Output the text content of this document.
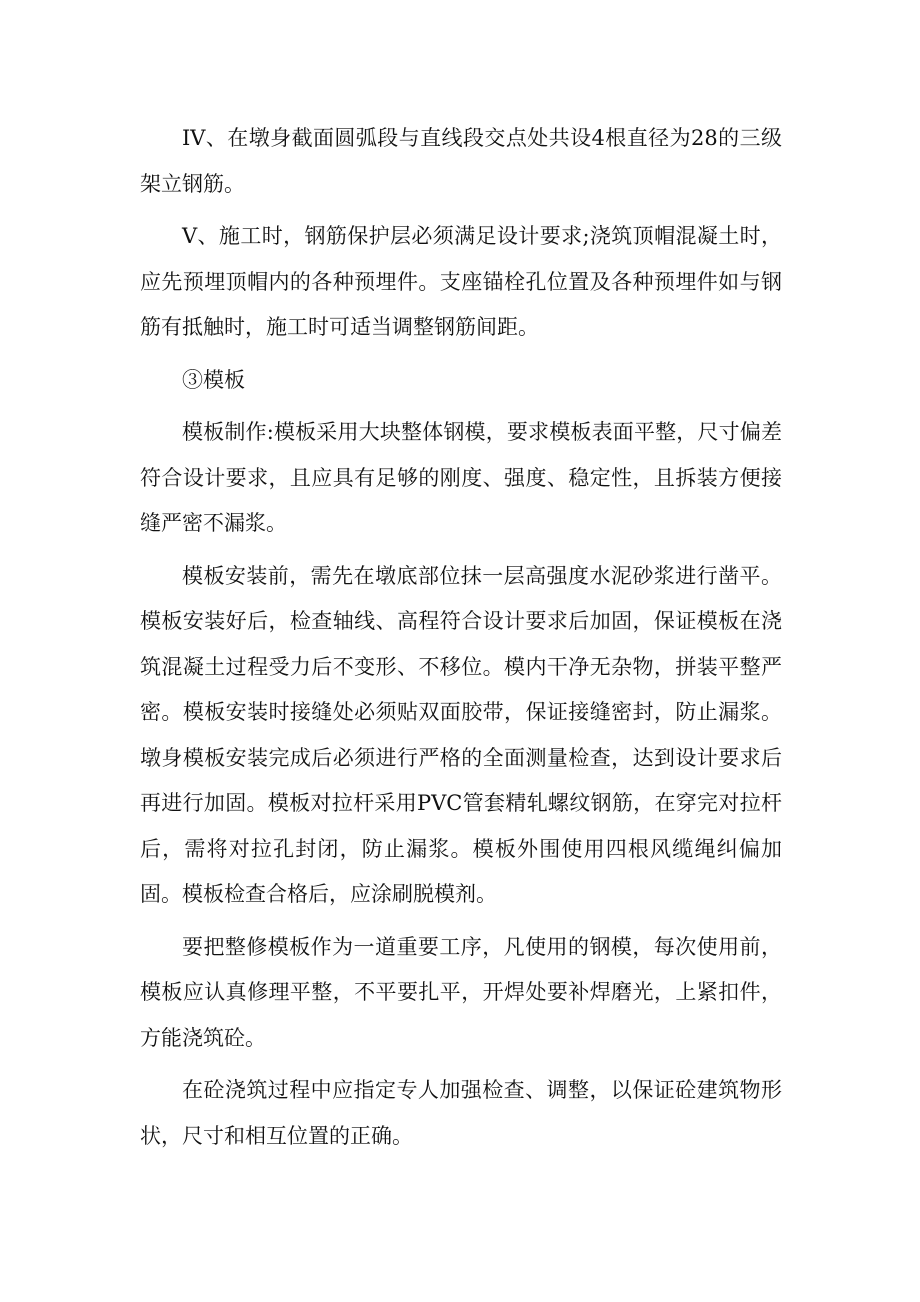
IV、在墩身截面圆弧段与直线段交点处共设4根直径为28的三级架立钢筋。

V、施工时，钢筋保护层必须满足设计要求;浇筑顶帽混凝土时，应先预埋顶帽内的各种预埋件。支座锚栓孔位置及各种预埋件如与钢筋有抵触时，施工时可适当调整钢筋间距。

③模板

模板制作:模板采用大块整体钢模，要求模板表面平整，尺寸偏差符合设计要求，且应具有足够的刚度、强度、稳定性，且拆装方便接缝严密不漏浆。

模板安装前，需先在墩底部位抹一层高强度水泥砂浆进行凿平。模板安装好后，检查轴线、高程符合设计要求后加固，保证模板在浇筑混凝土过程受力后不变形、不移位。模内干净无杂物，拼装平整严密。模板安装时接缝处必须贴双面胶带，保证接缝密封，防止漏浆。墩身模板安装完成后必须进行严格的全面测量检查，达到设计要求后再进行加固。模板对拉杆采用PVC管套精轧螺纹钢筋，在穿完对拉杆后，需将对拉孔封闭，防止漏浆。模板外围使用四根风缆绳纠偏加固。模板检查合格后，应涂刷脱模剂。

要把整修模板作为一道重要工序，凡使用的钢模，每次使用前，模板应认真修理平整，不平要扎平，开焊处要补焊磨光，上紧扣件，方能浇筑砼。

在砼浇筑过程中应指定专人加强检查、调整，以保证砼建筑物形状，尺寸和相互位置的正确。
